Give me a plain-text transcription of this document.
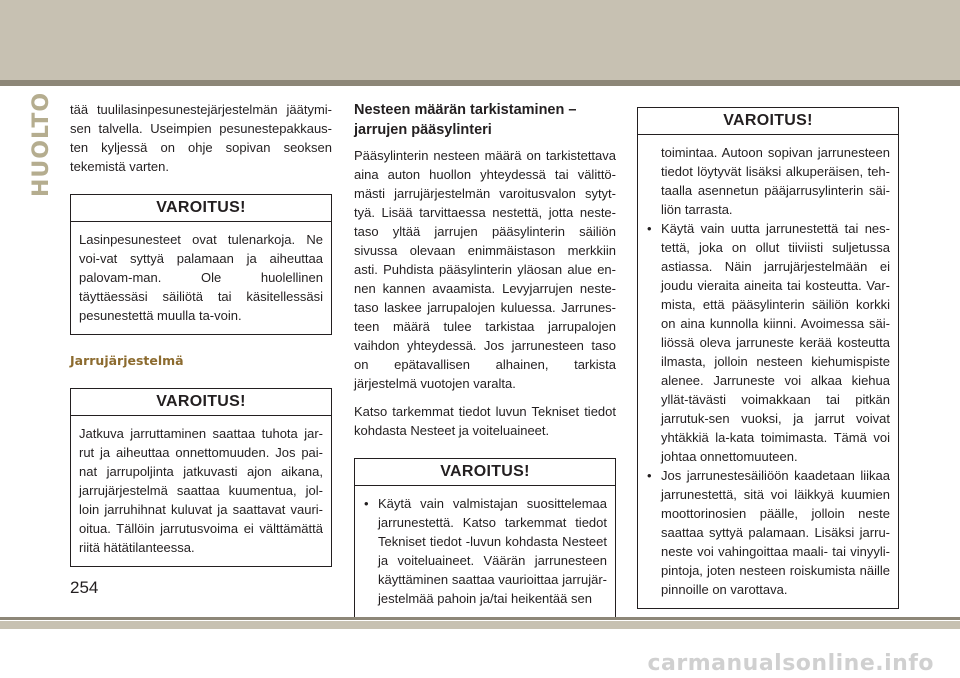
HUOLTO tää tuulilasinpesunestejärjestelmän jäätymi-sen talvella. Useimpien pesunestepakkaus-ten kyljessä on ohje sopivan seoksen tekemistä varten.

VAROITUS!

Lasinpesunesteet ovat tulenarkoja. Ne voi-vat syttyä palamaan ja aiheuttaa palovam-man. Ole huolellinen täyttäessäsi säiliötä tai käsitellessäsi pesunestettä muulla ta-voin.

Jarrujärjestelmä
VAROITUS!

Jatkuva jarruttaminen saattaa tuhota jar-rut ja aiheuttaa onnettomuuden. Jos pai-nat jarrupoljinta jatkuvasti ajon aikana, jarrujärjestelmä saattaa kuumentua, jol-loin jarruhihnat kuluvat ja saattavat vauri-oitua. Tällöin jarrutusvoima ei välttämättä riitä hätätilanteessa.

Nesteen määrän tarkistaminen – jarrujen pääsylinteri

Pääsylinterin nesteen määrä on tarkistettava aina auton huollon yhteydessä tai välittö-mästi jarrujärjestelmän varoitusvalon sytyt-tyä. Lisää tarvittaessa nestettä, jotta neste-taso yltää jarrujen pääsylinterin säiliön sivussa olevaan enimmäistason merkkiin asti. Puhdista pääsylinterin yläosan alue en-nen kannen avaamista. Levyjarrujen neste-taso laskee jarrupalojen kuluessa. Jarrunes-teen määrä tulee tarkistaa jarrupalojen vaihdon yhteydessä. Jos jarrunesteen taso on epätavallisen alhainen, tarkista järjestelmä vuotojen varalta.

Katso tarkemmat tiedot luvun Tekniset tiedot kohdasta Nesteet ja voiteluaineet.

VAROITUS!
• Käytä vain valmistajan suosittelemaa jarrunestettä. Katso tarkemmat tiedot Tekniset tiedot -luvun kohdasta Nesteet ja voiteluaineet. Väärän jarrunesteen käyttäminen saattaa vaurioittaa jarrujär-jestelmää pahoin ja/tai heikentää sen
VAROITUS!
toimintaa. Autoon sopivan jarrunesteen tiedot löytyvät lisäksi alkuperäisen, teh-taalla asennetun pääjarrusylinterin säi-liön tarrasta.
• Käytä vain uutta jarrunestettä tai nes-tettä, joka on ollut tiiviisti suljetussa astiassa. Näin jarrujärjestelmään ei joudu vieraita aineita tai kosteutta. Var-mista, että pääsylinterin säiliön korkki on aina kunnolla kiinni. Avoimessa säi-liössä oleva jarruneste kerää kosteutta ilmasta, jolloin nesteen kiehumispiste alenee. Jarruneste voi alkaa kiehua yllät-tävästi voimakkaan tai pitkän jarrutuk-sen vuoksi, ja jarrut voivat yhtäkkiä la-kata toimimasta. Tämä voi johtaa onnettomuuteen.
• Jos jarrunestesäiliöön kaadetaan liikaa jarrunestettä, sitä voi läikkyä kuumien moottorinosien päälle, jolloin neste saattaa syttyä palamaan. Lisäksi jarru-neste voi vahingoittaa maali- tai vinyyli-pintoja, joten nesteen roiskumista näille pinnoille on varottava.
254
carmanualsonline.info
